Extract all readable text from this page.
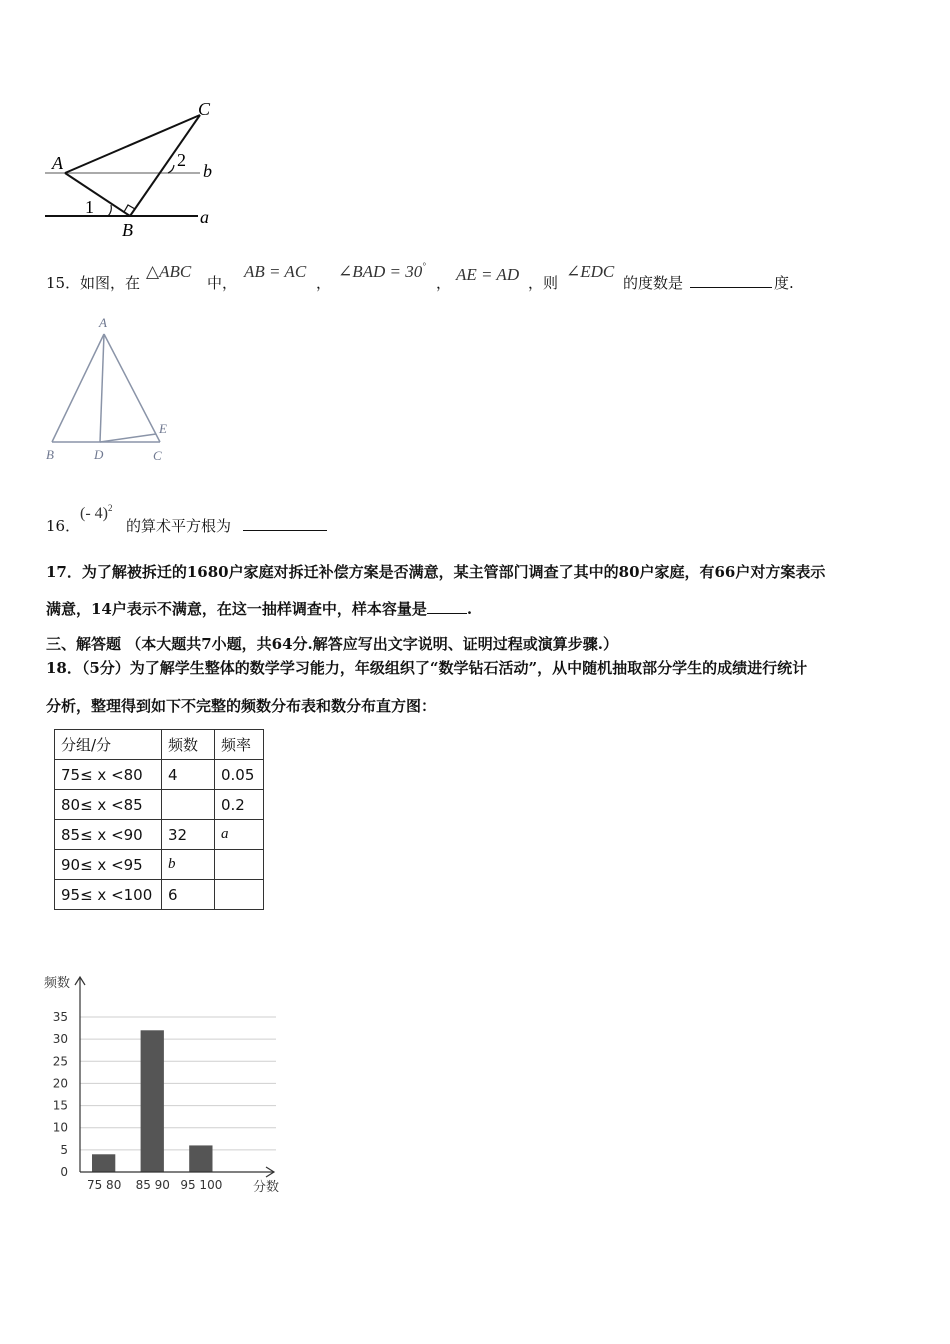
A
C
B
1
2
b
a
15． 如图，在
△ABC
中，
AB = AC
，
∠BAD = 30°
， AE = AD ，则
∠EDC
的度数是	度.
A
B	D	C
E
16．
(- 4)$^2$
的算术平方根为
17．为了解被拆迁的1680户家庭对拆迁补偿方案是否满意，某主管部门调查了其中的80户家庭，有66户对方案表示
满意，14户表示不满意，在这一抽样调查中，样本容量是	.
三、解答题 （本大题共7小题，共64分.解答应写出文字说明、证明过程或演算步骤.）
18．（5分）为了解学生整体的数学学习能力，年级组织了“数学钻石活动”，从中随机抽取部分学生的成绩进行统计
分析，整理得到如下不完整的频数分布表和数分布直方图：
分组/分	频数	频率
75≤ x <80	4	0.05
80≤ x <85		0.2
85≤ x <90	32	a
90≤ x <95	b	
95≤ x <100	6	
频数
分数
0
5
10
15
20
25
30
35
75 80 85 90 95 100
